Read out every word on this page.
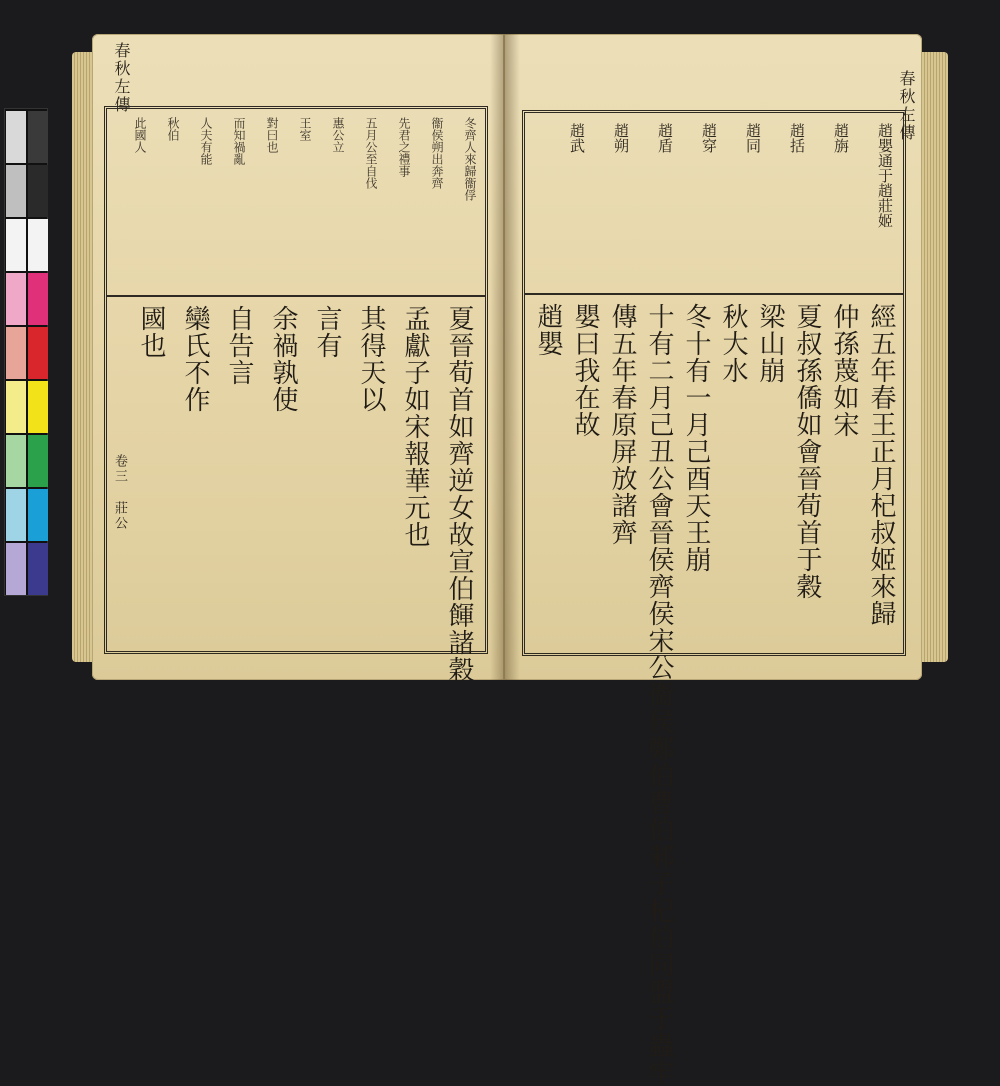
春秋左傳
卷三 莊公
冬齊人來歸衞俘
衞侯朔出奔齊
先君之禮事
五月公至自伐
惠公立
王室
對曰也
而知禍亂
人夫有能
秋伯
此國人
夏晉荀首如齊逆女故宣伯餫諸穀
孟獻子如宋報華元也
其得天以
言有
余禍孰使
自告言
欒氏不作
國也
春秋左傳
趙嬰通于趙莊姬
趙旃
趙括
趙同
趙穿
趙盾
趙朔
趙武
經五年春王正月杞叔姬來歸
仲孫蔑如宋
夏叔孫僑如會晉荀首于穀
梁山崩
秋大水
冬十有一月己酉天王崩
十有二月己丑公會晉侯齊侯宋公衞侯鄭伯曹伯邾子杞伯同盟于蟲牢
傳五年春原屏放諸齊
嬰曰我在故
趙嬰
